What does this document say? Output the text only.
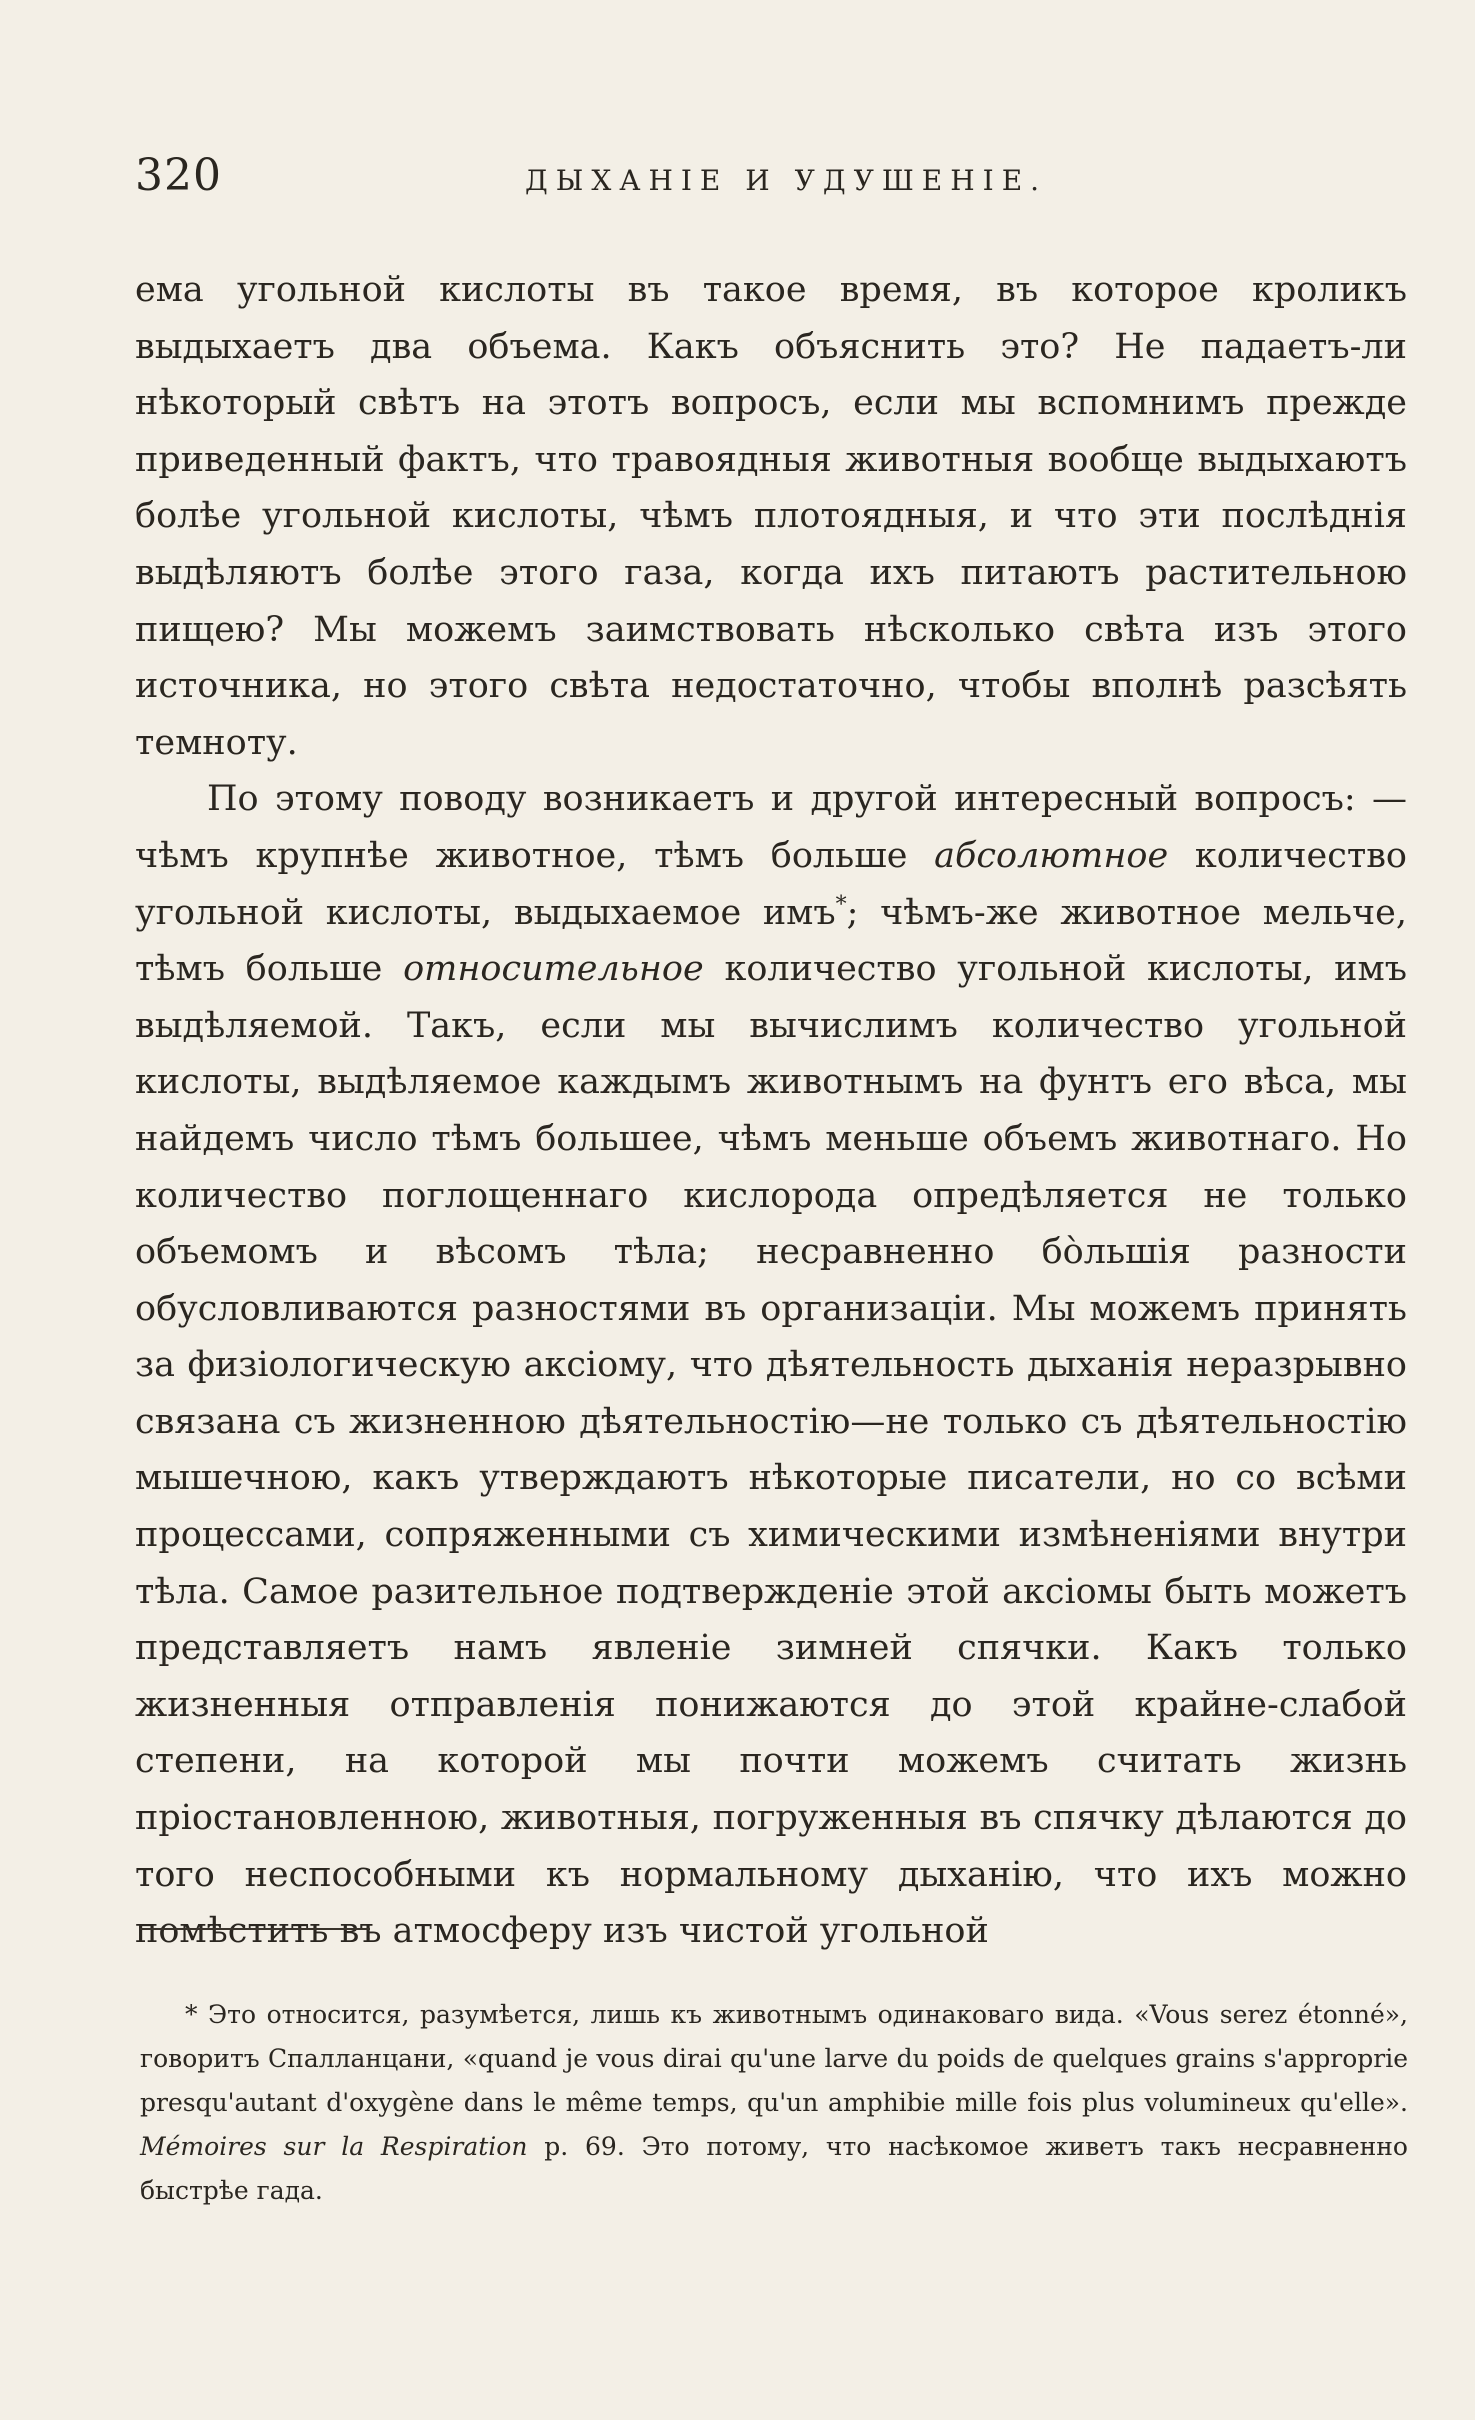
320	ДЫХАНІЕ И УДУШЕНІЕ.

ема угольной кислоты въ такое время, въ которое кроликъ выдыхаетъ два объема. Какъ объяснить это? Не падаетъ-ли нѣкоторый свѣтъ на этотъ вопросъ, если мы вспомнимъ прежде приведенный фактъ, что травоядныя животныя вообще выдыхаютъ болѣе угольной кислоты, чѣмъ плотоядныя, и что эти послѣднія выдѣляютъ болѣе этого газа, когда ихъ питаютъ растительною пищею? Мы можемъ заимствовать нѣсколько свѣта изъ этого источника, но этого свѣта недостаточно, чтобы вполнѣ разсѣять темноту.

По этому поводу возникаетъ и другой интересный вопросъ: — чѣмъ крупнѣе животное, тѣмъ больше абсолютное количество угольной кислоты, выдыхаемое имъ*; чѣмъ-же животное мельче, тѣмъ больше относительное количество угольной кислоты, имъ выдѣляемой. Такъ, если мы вычислимъ количество угольной кислоты, выдѣляемое каждымъ животнымъ на фунтъ его вѣса, мы найдемъ число тѣмъ большее, чѣмъ меньше объемъ животнаго. Но количество поглощеннаго кислорода опредѣляется не только объемомъ и вѣсомъ тѣла; несравненно бо̀льшія разности обусловливаются разностями въ организаціи. Мы можемъ принять за физіологическую аксіому, что дѣятельность дыханія неразрывно связана съ жизненною дѣятельностію—не только съ дѣятельностію мышечною, какъ утверждаютъ нѣкоторые писатели, но со всѣми процессами, сопряженными съ химическими измѣненіями внутри тѣла. Самое разительное подтвержденіе этой аксіомы быть можетъ представляетъ намъ явленіе зимней спячки. Какъ только жизненныя отправленія понижаются до этой крайне-слабой степени, на которой мы почти можемъ считать жизнь пріостановленною, животныя, погруженныя въ спячку дѣлаются до того неспособными къ нормальному дыханію, что ихъ можно помѣстить въ атмосферу изъ чистой угольной

* Это относится, разумѣется, лишь къ животнымъ одинаковаго вида. «Vous serez étonné», говоритъ Спалланцани, «quand je vous dirai qu'une larve du poids de quelques grains s'approprie presqu'autant d'oxygène dans le même temps, qu'un amphibie mille fois plus volumineux qu'elle». Mémoires sur la Respiration p. 69. Это потому, что насѣкомое живетъ такъ несравненно быстрѣе гада.
